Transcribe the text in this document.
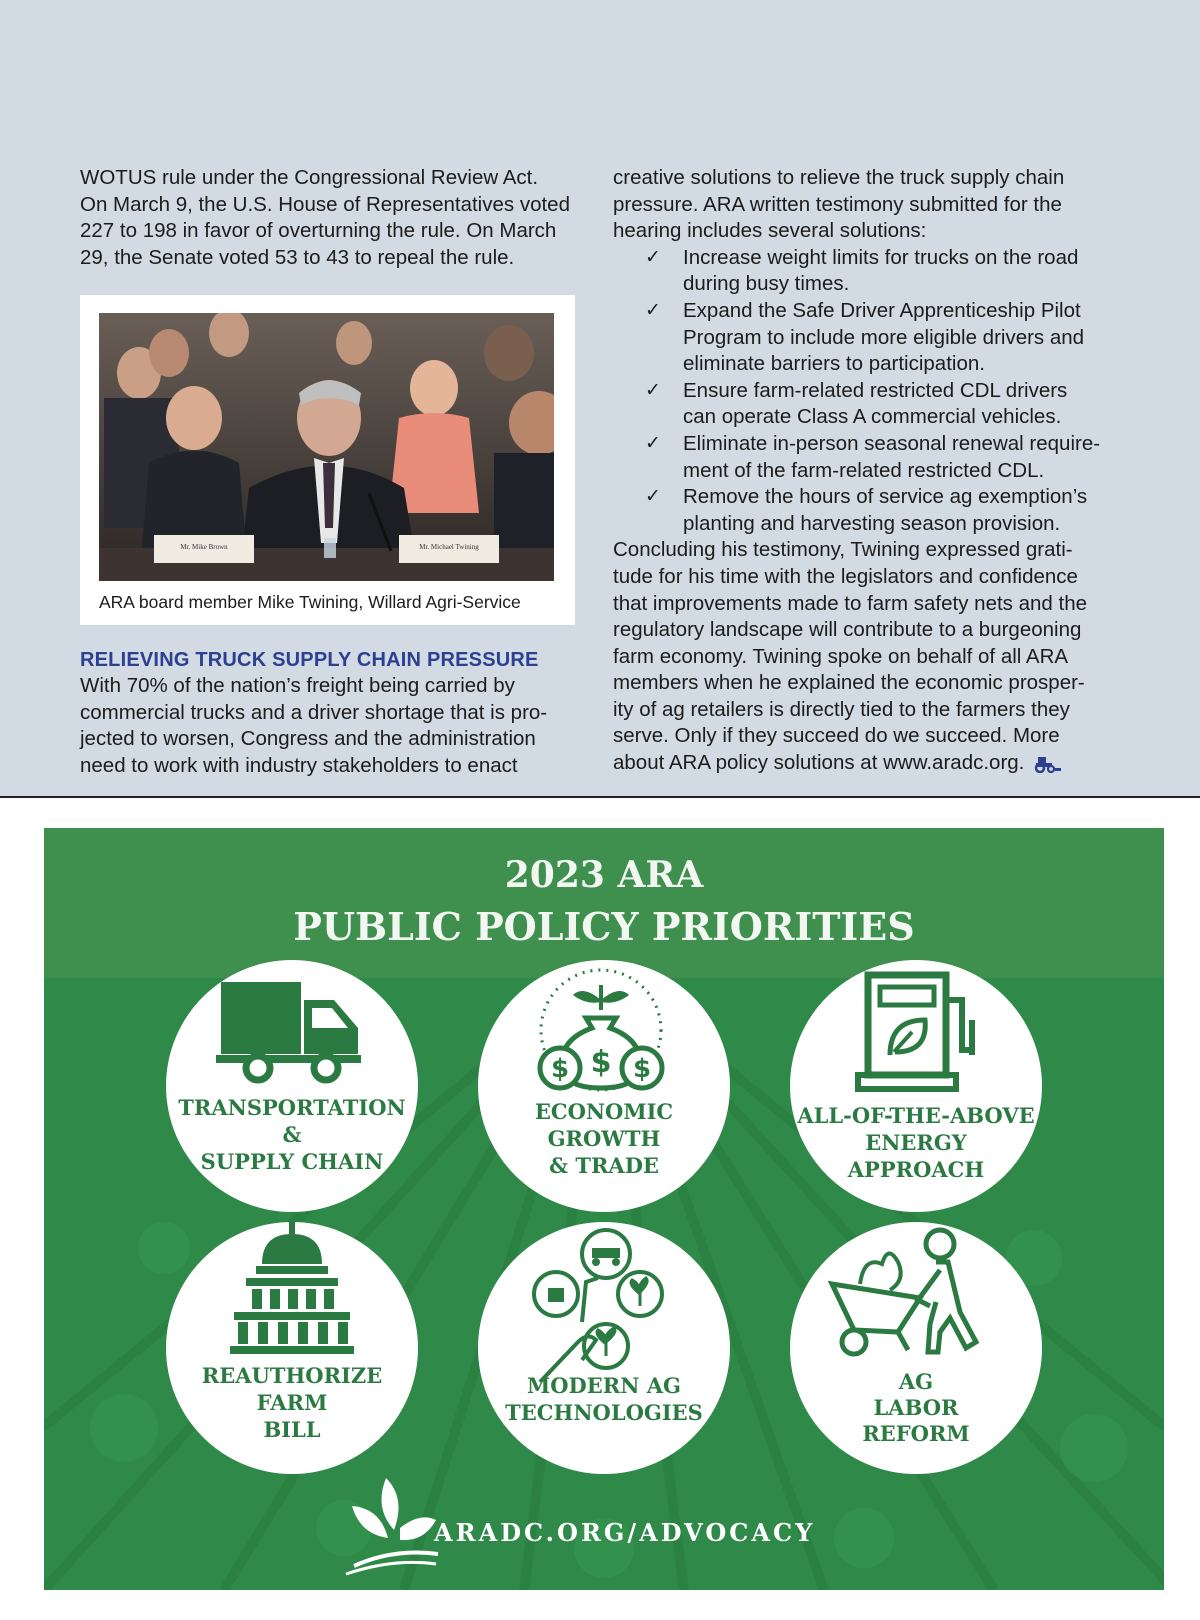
WOTUS rule under the Congressional Review Act.

On March 9, the U.S. House of Representatives voted

227 to 198 in favor of overturning the rule. On March

29, the Senate voted 53 to 43 to repeal the rule.

Mr. Mike Brown	Mr. Michael Twining

ARA board member Mike Twining, Willard Agri-Service

RELIEVING TRUCK SUPPLY CHAIN PRESSURE

With 70% of the nation’s freight being carried by

commercial trucks and a driver shortage that is pro-

jected to worsen, Congress and the administration

need to work with industry stakeholders to enact

creative solutions to relieve the truck supply chain

pressure. ARA written testimony submitted for the

hearing includes several solutions:

✓ Increase weight limits for trucks on the road
during busy times.
✓ Expand the Safe Driver Apprenticeship Pilot
Program to include more eligible drivers and
eliminate barriers to participation.
✓ Ensure farm-related restricted CDL drivers
can operate Class A commercial vehicles.
✓ Eliminate in-person seasonal renewal require-
ment of the farm-related restricted CDL.
✓ Remove the hours of service ag exemption’s
planting and harvesting season provision.

Concluding his testimony, Twining expressed grati-

tude for his time with the legislators and confidence

that improvements made to farm safety nets and the

regulatory landscape will contribute to a burgeoning

farm economy. Twining spoke on behalf of all ARA

members when he explained the economic prosper-

ity of ag retailers is directly tied to the farmers they

serve. Only if they succeed do we succeed. More

about ARA policy solutions at www.aradc.org.

2023 ARA
PUBLIC POLICY PRIORITIES

TRANSPORTATION

&

SUPPLY CHAIN

$ $
$

ECONOMIC

GROWTH

& TRADE

ALL-OF-THE-ABOVE

ENERGY

APPROACH

REAUTHORIZE

FARM

BILL

MODERN AG

TECHNOLOGIES

AG

LABOR

REFORM

ARADC.ORG/ADVOCACY
